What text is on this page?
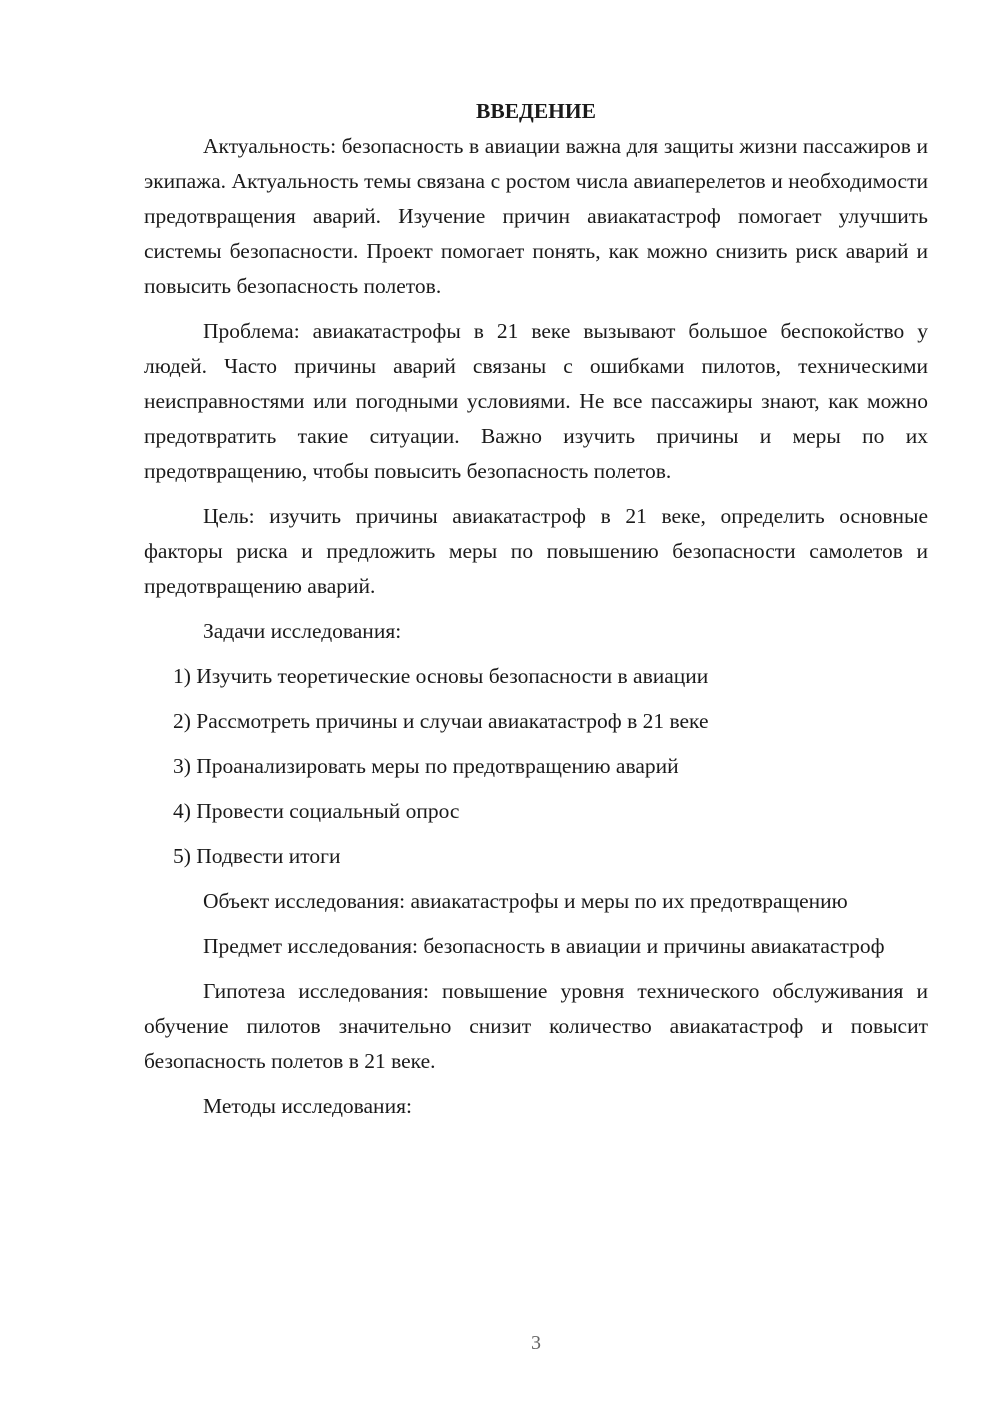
ВВЕДЕНИЕ

Актуальность: безопасность в авиации важна для защиты жизни пассажиров и экипажа. Актуальность темы связана с ростом числа авиаперелетов и необходимости предотвращения аварий. Изучение причин авиакатастроф помогает улучшить системы безопасности. Проект помогает понять, как можно снизить риск аварий и повысить безопасность полетов.

Проблема: авиакатастрофы в 21 веке вызывают большое беспокойство у людей. Часто причины аварий связаны с ошибками пилотов, техническими неисправностями или погодными условиями. Не все пассажиры знают, как можно предотвратить такие ситуации. Важно изучить причины и меры по их предотвращению, чтобы повысить безопасность полетов.

Цель: изучить причины авиакатастроф в 21 веке, определить основные факторы риска и предложить меры по повышению безопасности самолетов и предотвращению аварий.

Задачи исследования:

1) Изучить теоретические основы безопасности в авиации
2) Рассмотреть причины и случаи авиакатастроф в 21 веке
3) Проанализировать меры по предотвращению аварий
4) Провести социальный опрос
5) Подвести итоги

Объект исследования: авиакатастрофы и меры по их предотвращению

Предмет исследования: безопасность в авиации и причины авиакатастроф

Гипотеза исследования: повышение уровня технического обслуживания и обучение пилотов значительно снизит количество авиакатастроф и повысит безопасность полетов в 21 веке.

Методы исследования:

3
